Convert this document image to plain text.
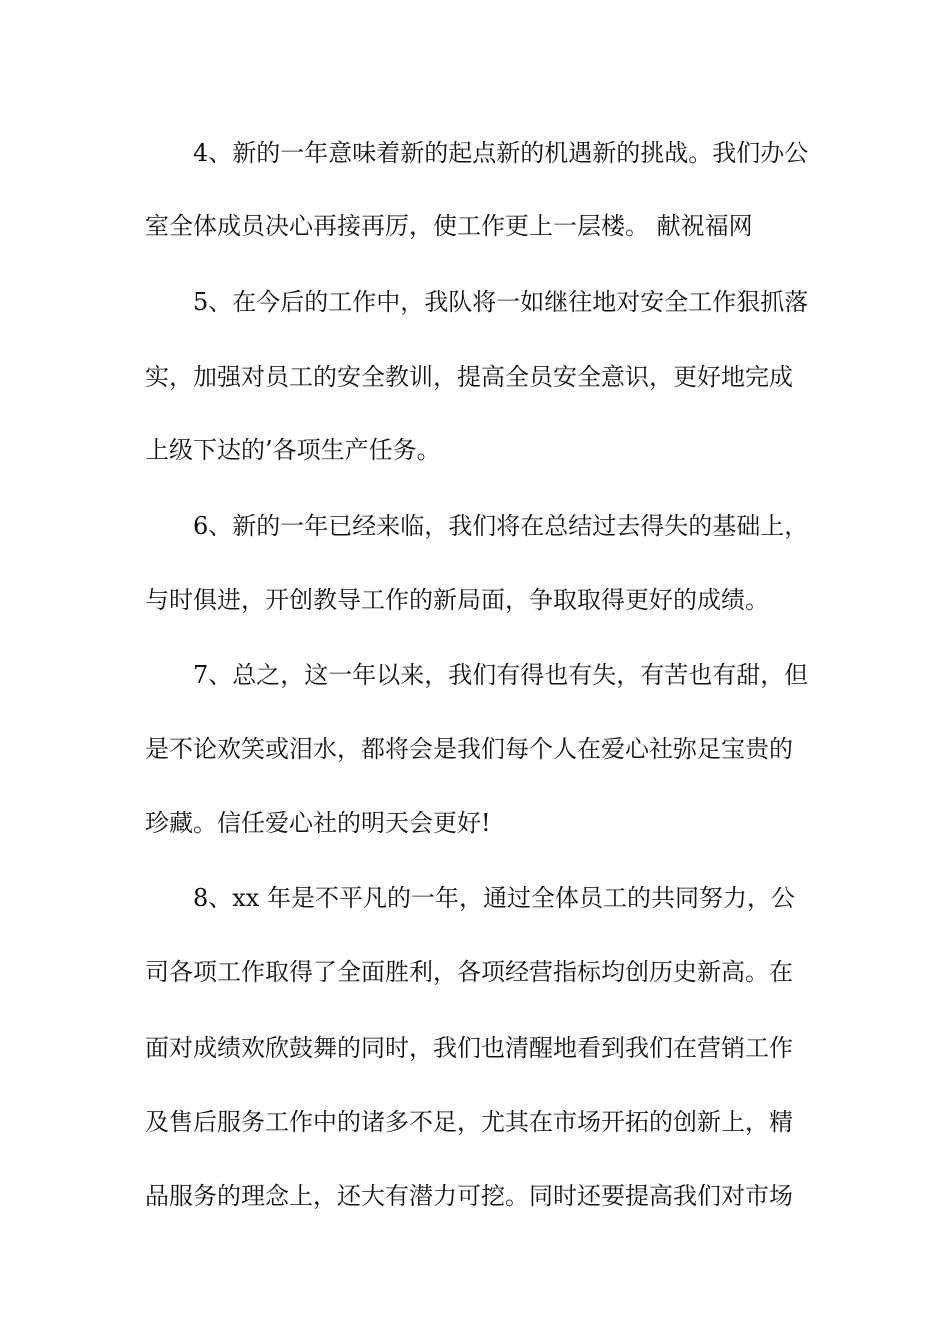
4、新的一年意味着新的起点新的机遇新的挑战。我们办公
室全体成员决心再接再厉，使工作更上一层楼。 献祝福网
5、在今后的工作中，我队将一如继往地对安全工作狠抓落
实，加强对员工的安全教训，提高全员安全意识，更好地完成
上级下达的’各项生产任务。
6、新的一年已经来临，我们将在总结过去得失的基础上，
与时俱进，开创教导工作的新局面，争取取得更好的成绩。
7、总之，这一年以来，我们有得也有失，有苦也有甜，但
是不论欢笑或泪水，都将会是我们每个人在爱心社弥足宝贵的
珍藏。信任爱心社的明天会更好!
8、xx 年是不平凡的一年，通过全体员工的共同努力，公
司各项工作取得了全面胜利，各项经营指标均创历史新高。在
面对成绩欢欣鼓舞的同时，我们也清醒地看到我们在营销工作
及售后服务工作中的诸多不足，尤其在市场开拓的创新上，精
品服务的理念上，还大有潜力可挖。同时还要提高我们对市场
